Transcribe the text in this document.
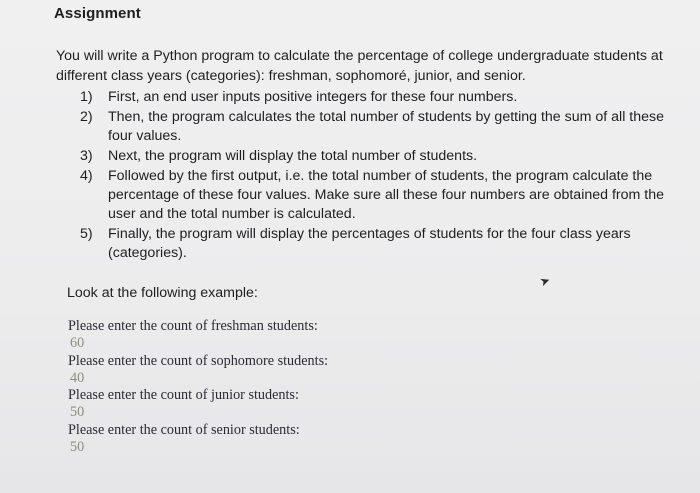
Assignment
You will write a Python program to calculate the percentage of college undergraduate students at different class years (categories): freshman, sophomoré, junior, and senior.
1) First, an end user inputs positive integers for these four numbers.
2) Then, the program calculates the total number of students by getting the sum of all these four values.
3) Next, the program will display the total number of students.
4) Followed by the first output, i.e. the total number of students, the program calculate the percentage of these four values. Make sure all these four numbers are obtained from the user and the total number is calculated.
5) Finally, the program will display the percentages of students for the four class years (categories).
Look at the following example:
➤
Please enter the count of freshman students:
60
Please enter the count of sophomore students:
40
Please enter the count of junior students:
50
Please enter the count of senior students:
50
